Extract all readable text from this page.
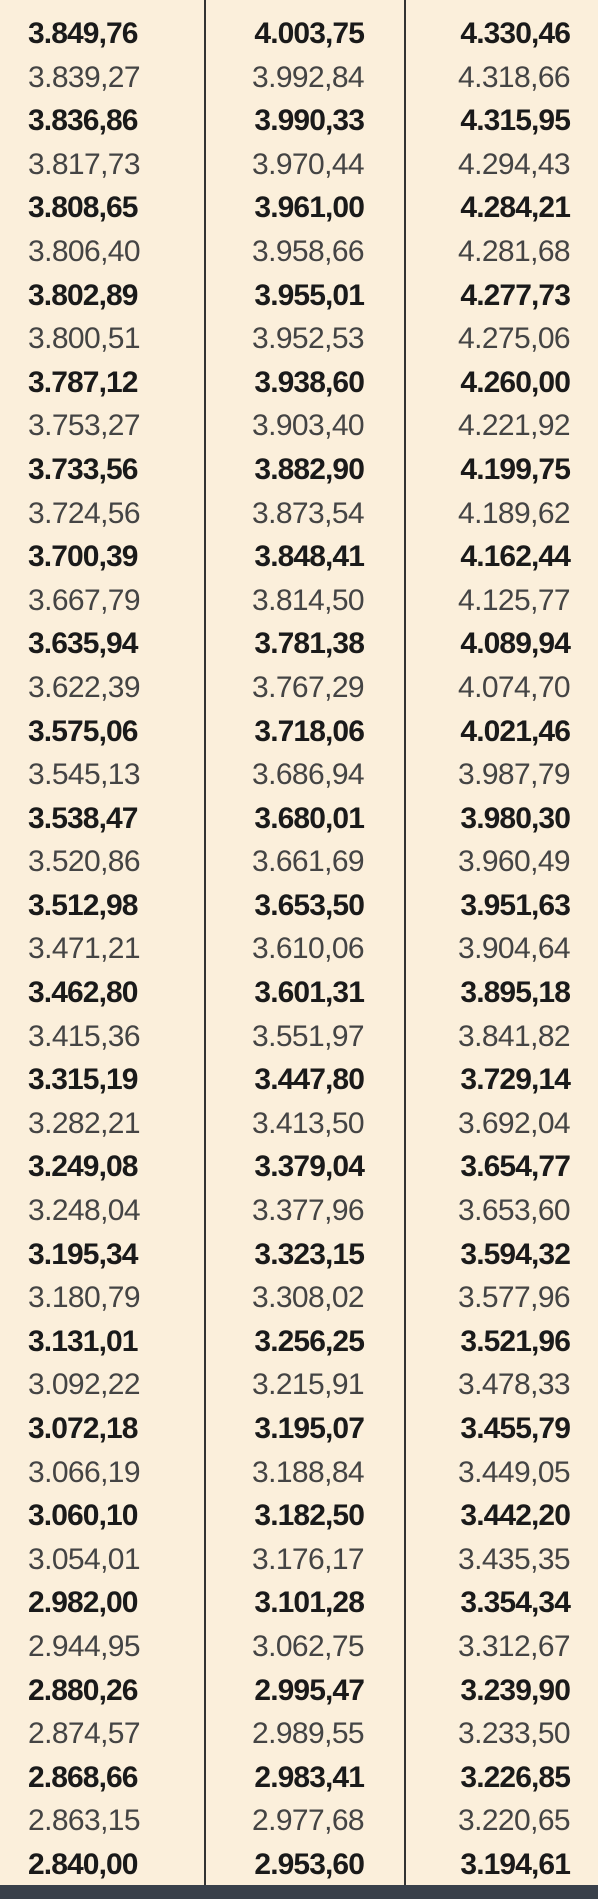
3.849,76	4.003,75	4.330,46
3.839,27	3.992,84	4.318,66
3.836,86	3.990,33	4.315,95
3.817,73	3.970,44	4.294,43
3.808,65	3.961,00	4.284,21
3.806,40	3.958,66	4.281,68
3.802,89	3.955,01	4.277,73
3.800,51	3.952,53	4.275,06
3.787,12	3.938,60	4.260,00
3.753,27	3.903,40	4.221,92
3.733,56	3.882,90	4.199,75
3.724,56	3.873,54	4.189,62
3.700,39	3.848,41	4.162,44
3.667,79	3.814,50	4.125,77
3.635,94	3.781,38	4.089,94
3.622,39	3.767,29	4.074,70
3.575,06	3.718,06	4.021,46
3.545,13	3.686,94	3.987,79
3.538,47	3.680,01	3.980,30
3.520,86	3.661,69	3.960,49
3.512,98	3.653,50	3.951,63
3.471,21	3.610,06	3.904,64
3.462,80	3.601,31	3.895,18
3.415,36	3.551,97	3.841,82
3.315,19	3.447,80	3.729,14
3.282,21	3.413,50	3.692,04
3.249,08	3.379,04	3.654,77
3.248,04	3.377,96	3.653,60
3.195,34	3.323,15	3.594,32
3.180,79	3.308,02	3.577,96
3.131,01	3.256,25	3.521,96
3.092,22	3.215,91	3.478,33
3.072,18	3.195,07	3.455,79
3.066,19	3.188,84	3.449,05
3.060,10	3.182,50	3.442,20
3.054,01	3.176,17	3.435,35
2.982,00	3.101,28	3.354,34
2.944,95	3.062,75	3.312,67
2.880,26	2.995,47	3.239,90
2.874,57	2.989,55	3.233,50
2.868,66	2.983,41	3.226,85
2.863,15	2.977,68	3.220,65
2.840,00	2.953,60	3.194,61
